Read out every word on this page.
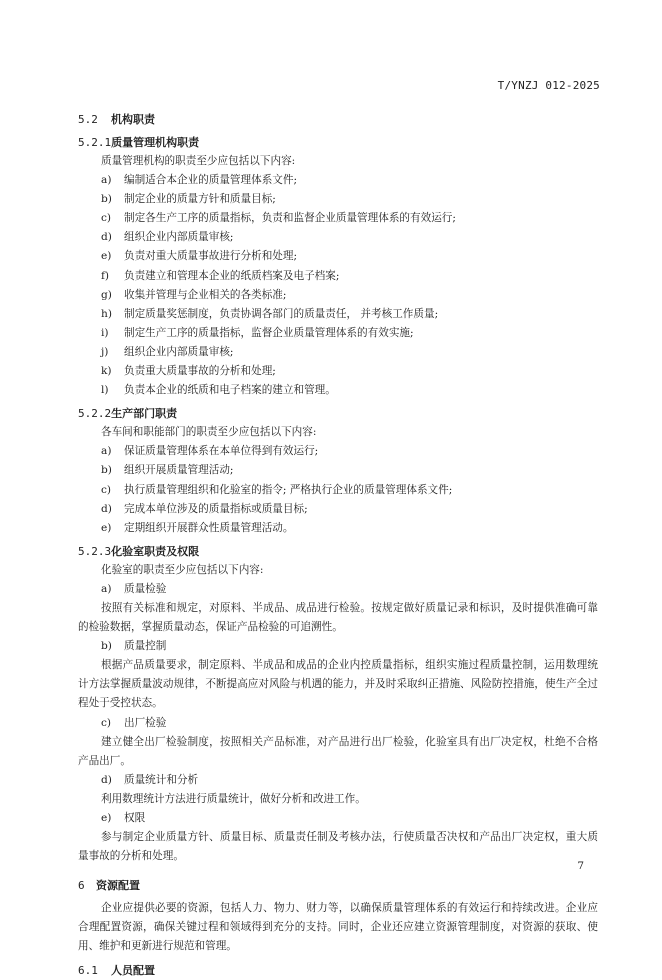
T/YNZJ 012-2025
5.2 机构职责
5.2.1质量管理机构职责
质量管理机构的职责至少应包括以下内容:
a) 编制适合本企业的质量管理体系文件;
b) 制定企业的质量方针和质量目标;
c) 制定各生产工序的质量指标，负责和监督企业质量管理体系的有效运行;
d) 组织企业内部质量审核;
e) 负责对重大质量事故进行分析和处理;
f) 负责建立和管理本企业的纸质档案及电子档案;
g) 收集并管理与企业相关的各类标准;
h) 制定质量奖惩制度，负责协调各部门的质量责任， 并考核工作质量;
i) 制定生产工序的质量指标，监督企业质量管理体系的有效实施;
j) 组织企业内部质量审核;
k) 负责重大质量事故的分析和处理;
l) 负责本企业的纸质和电子档案的建立和管理。
5.2.2生产部门职责
各车间和职能部门的职责至少应包括以下内容:
a) 保证质量管理体系在本单位得到有效运行;
b) 组织开展质量管理活动;
c) 执行质量管理组织和化验室的指令; 严格执行企业的质量管理体系文件;
d) 完成本单位涉及的质量指标或质量目标;
e) 定期组织开展群众性质量管理活动。
5.2.3化验室职责及权限
化验室的职责至少应包括以下内容:
a) 质量检验
按照有关标准和规定，对原料、半成品、成品进行检验。按规定做好质量记录和标识，及时提供准确可靠的检验数据，掌握质量动态，保证产品检验的可追溯性。
b) 质量控制
根据产品质量要求，制定原料、半成品和成品的企业内控质量指标，组织实施过程质量控制，运用数理统计方法掌握质量波动规律，不断提高应对风险与机遇的能力，并及时采取纠正措施、风险防控措施，使生产全过程处于受控状态。
c) 出厂检验
建立健全出厂检验制度，按照相关产品标准，对产品进行出厂检验，化验室具有出厂决定权，杜绝不合格产品出厂。
d) 质量统计和分析
利用数理统计方法进行质量统计，做好分析和改进工作。
e) 权限
参与制定企业质量方针、质量目标、质量责任制及考核办法，行使质量否决权和产品出厂决定权，重大质量事故的分析和处理。
6 资源配置
企业应提供必要的资源，包括人力、物力、财力等，以确保质量管理体系的有效运行和持续改进。企业应合理配置资源，确保关键过程和领域得到充分的支持。同时，企业还应建立资源管理制度，对资源的获取、使用、维护和更新进行规范和管理。
6.1 人员配置
7
